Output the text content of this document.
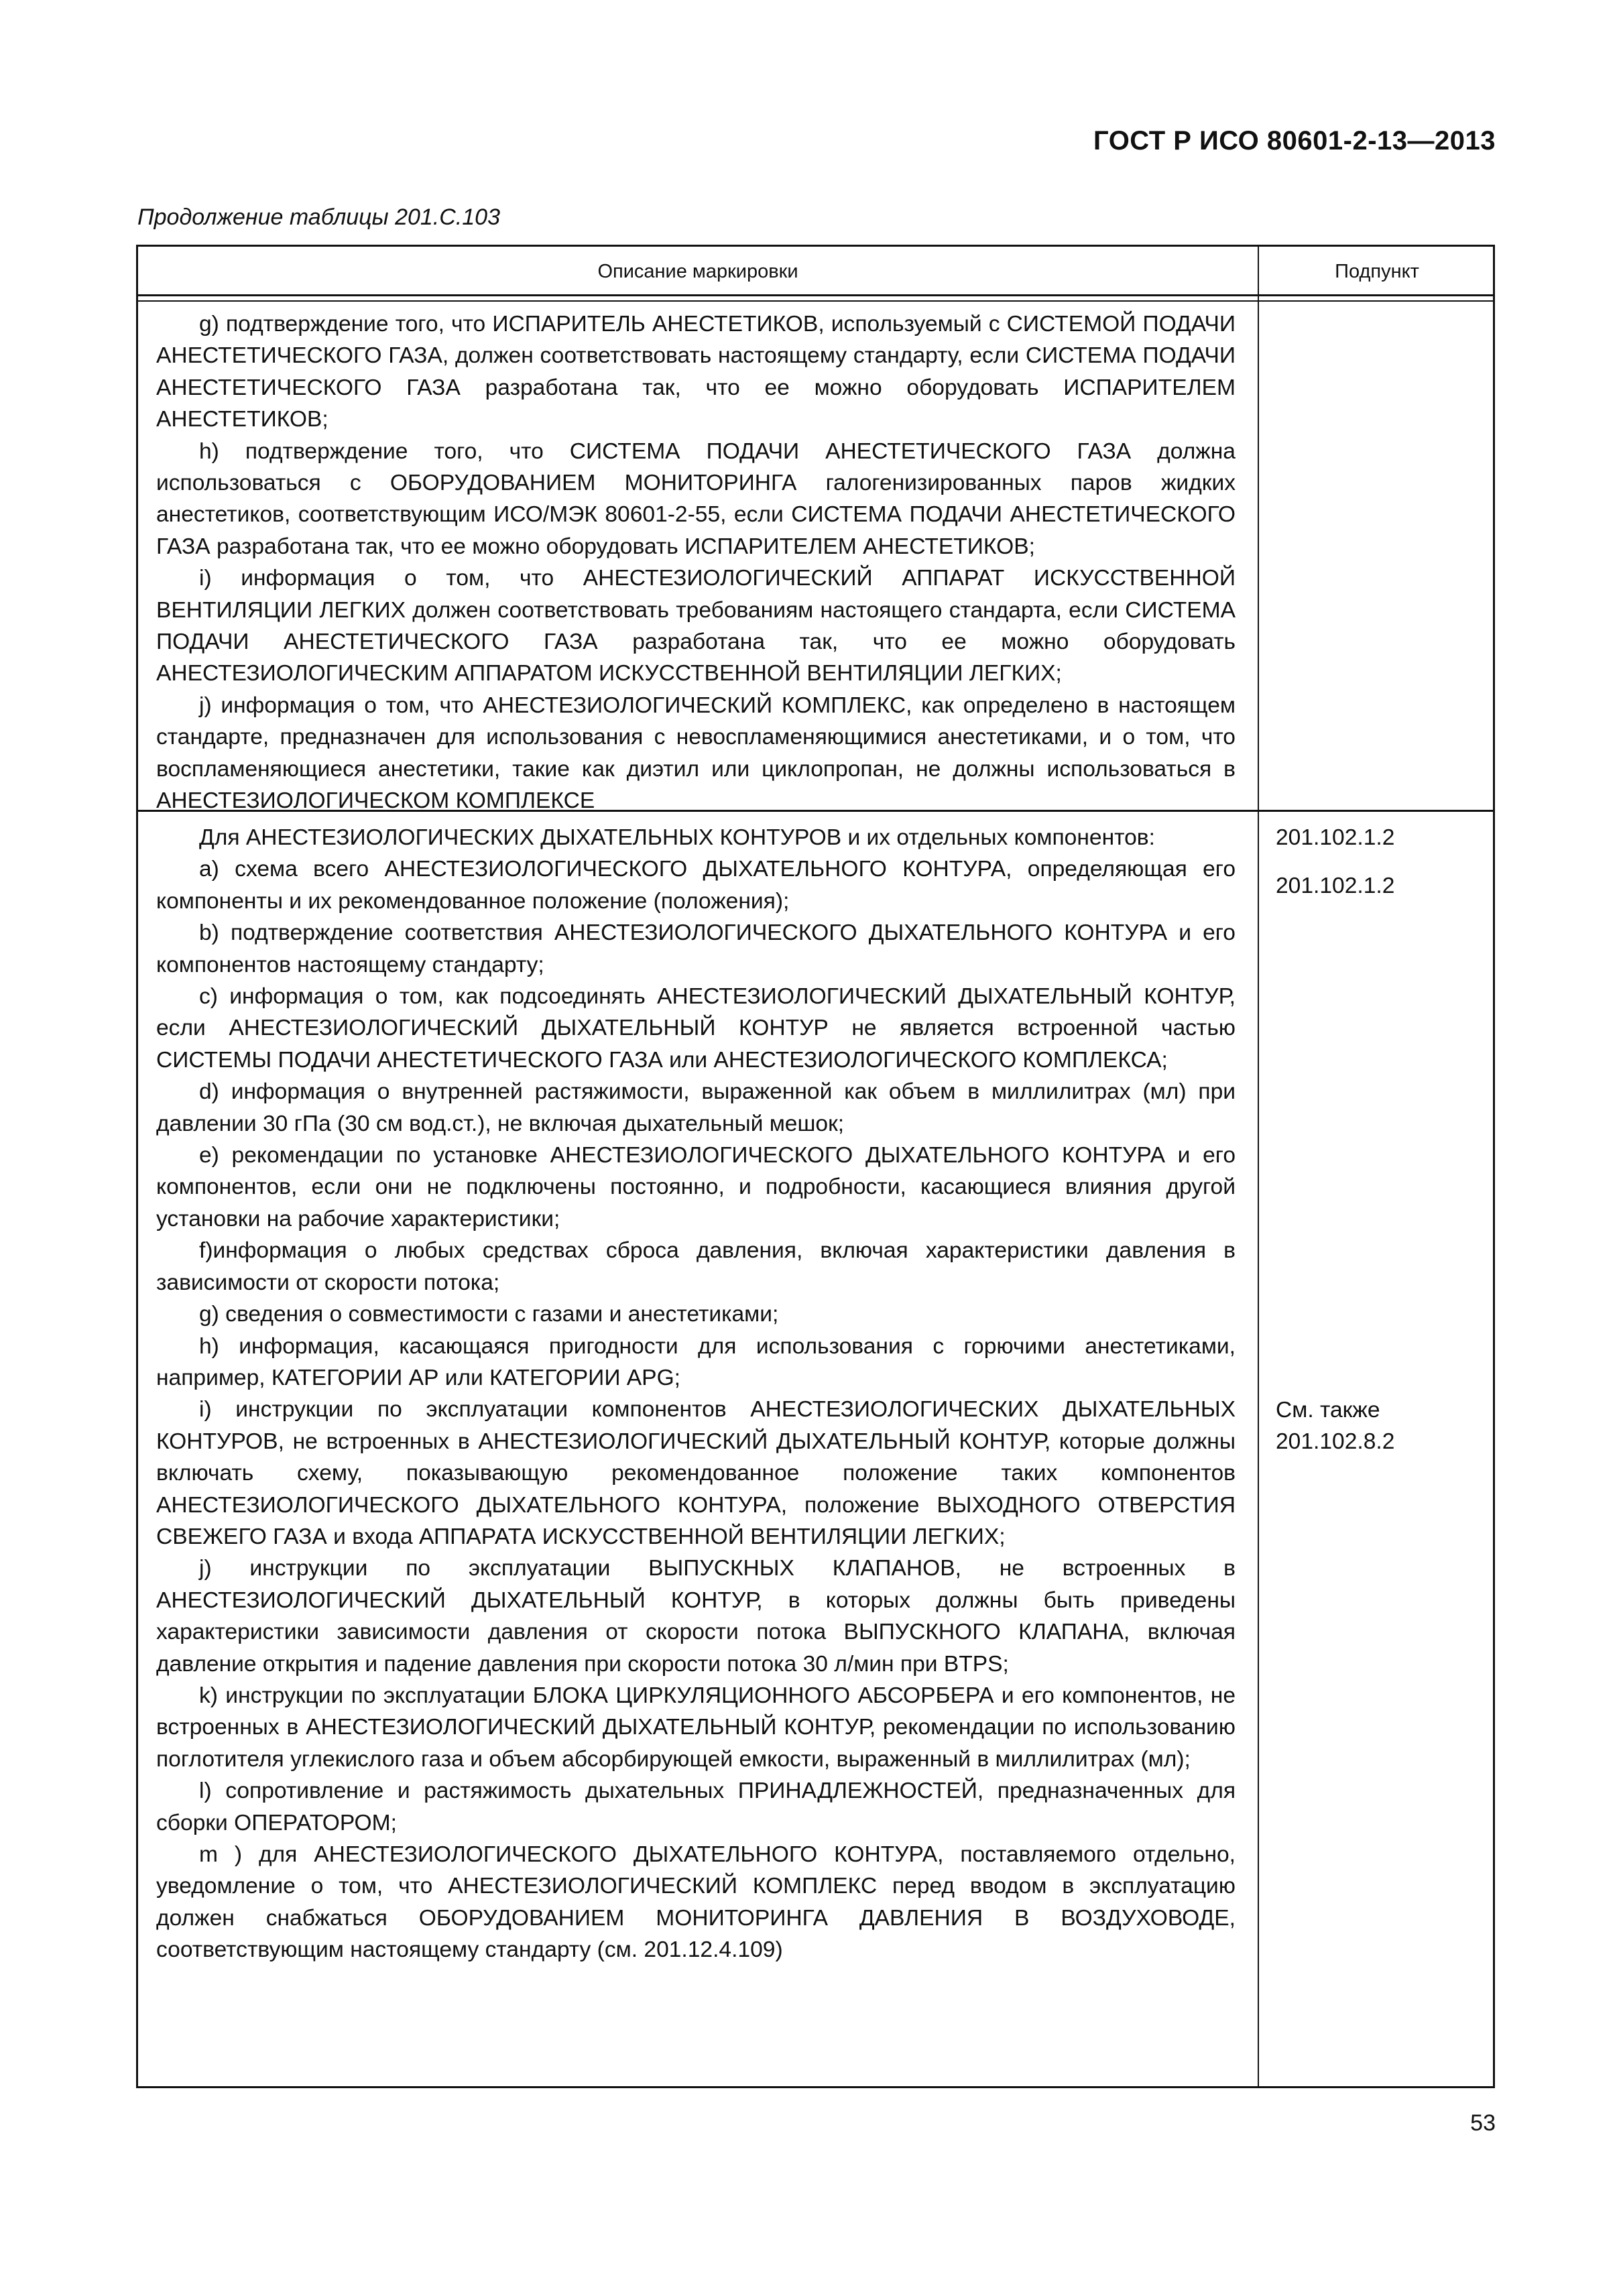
ГОСТ Р ИСО 80601-2-13—2013
Продолжение таблицы 201.С.103
Описание маркировки	Подпункт

g) подтверждение того, что ИСПАРИТЕЛЬ АНЕСТЕТИКОВ, используемый с СИСТЕМОЙ ПОДАЧИ АНЕСТЕТИЧЕСКОГО ГАЗА, должен соответствовать настоящему стандарту, если СИСТЕМА ПОДАЧИ АНЕСТЕТИЧЕСКОГО ГАЗА разработана так, что ее можно оборудовать ИСПАРИТЕЛЕМ АНЕСТЕТИКОВ;

h) подтверждение того, что СИСТЕМА ПОДАЧИ АНЕСТЕТИЧЕСКОГО ГАЗА должна использоваться с ОБОРУДОВАНИЕМ МОНИТОРИНГА галогенизированных паров жидких анестетиков, соответствующим ИСО/МЭК 80601-2-55, если СИСТЕМА ПОДАЧИ АНЕСТЕТИЧЕСКОГО ГАЗА разработана так, что ее можно оборудовать ИСПАРИТЕЛЕМ АНЕСТЕТИКОВ;

i) информация о том, что АНЕСТЕЗИОЛОГИЧЕСКИЙ АППАРАТ ИСКУССТВЕННОЙ ВЕНТИЛЯЦИИ ЛЕГКИХ должен соответствовать требованиям настоящего стандарта, если СИСТЕМА ПОДАЧИ АНЕСТЕТИЧЕСКОГО ГАЗА разработана так, что ее можно оборудовать АНЕСТЕЗИОЛОГИЧЕСКИМ АППАРАТОМ ИСКУССТВЕННОЙ ВЕНТИЛЯЦИИ ЛЕГКИХ;

j) информация о том, что АНЕСТЕЗИОЛОГИЧЕСКИЙ КОМПЛЕКС, как определено в настоящем стандарте, предназначен для использования с невоспламеняющимися анестетиками, и о том, что воспламеняющиеся анестетики, такие как диэтил или циклопропан, не должны использоваться в АНЕСТЕЗИОЛОГИЧЕСКОМ КОМПЛЕКСЕ

Для АНЕСТЕЗИОЛОГИЧЕСКИХ ДЫХАТЕЛЬНЫХ КОНТУРОВ и их отдельных компонентов:

a) схема всего АНЕСТЕЗИОЛОГИЧЕСКОГО ДЫХАТЕЛЬНОГО КОНТУРА, определяющая его компоненты и их рекомендованное положение (положения);

b) подтверждение соответствия АНЕСТЕЗИОЛОГИЧЕСКОГО ДЫХАТЕЛЬНОГО КОНТУРА и его компонентов настоящему стандарту;

c) информация о том, как подсоединять АНЕСТЕЗИОЛОГИЧЕСКИЙ ДЫХАТЕЛЬНЫЙ КОНТУР, если АНЕСТЕЗИОЛОГИЧЕСКИЙ ДЫХАТЕЛЬНЫЙ КОНТУР не является встроенной частью СИСТЕМЫ ПОДАЧИ АНЕСТЕТИЧЕСКОГО ГАЗА или АНЕСТЕЗИОЛОГИЧЕСКОГО КОМПЛЕКСА;

d) информация о внутренней растяжимости, выраженной как объем в миллилитрах (мл) при давлении 30 гПа (30 см вод.ст.), не включая дыхательный мешок;

e) рекомендации по установке АНЕСТЕЗИОЛОГИЧЕСКОГО ДЫХАТЕЛЬНОГО КОНТУРА и его компонентов, если они не подключены постоянно, и подробности, касающиеся влияния другой установки на рабочие характеристики;

f)информация о любых средствах сброса давления, включая характеристики давления в зависимости от скорости потока;

g) сведения о совместимости с газами и анестетиками;

h) информация, касающаяся пригодности для использования с горючими анестетиками, например, КАТЕГОРИИ АР или КАТЕГОРИИ APG;

i) инструкции по эксплуатации компонентов АНЕСТЕЗИОЛОГИЧЕСКИХ ДЫХАТЕЛЬНЫХ КОНТУРОВ, не встроенных в АНЕСТЕЗИОЛОГИЧЕСКИЙ ДЫХАТЕЛЬНЫЙ КОНТУР, которые должны включать схему, показывающую рекомендованное положение таких компонентов АНЕСТЕЗИОЛОГИЧЕСКОГО ДЫХАТЕЛЬНОГО КОНТУРА, положение ВЫХОДНОГО ОТВЕРСТИЯ СВЕЖЕГО ГАЗА и входа АППАРАТА ИСКУССТВЕННОЙ ВЕНТИЛЯЦИИ ЛЕГКИХ;

j) инструкции по эксплуатации ВЫПУСКНЫХ КЛАПАНОВ, не встроенных в АНЕСТЕЗИОЛОГИЧЕСКИЙ ДЫХАТЕЛЬНЫЙ КОНТУР, в которых должны быть приведены характеристики зависимости давления от скорости потока ВЫПУСКНОГО КЛАПАНА, включая давление открытия и падение давления при скорости потока 30 л/мин при BTPS;

k) инструкции по эксплуатации БЛОКА ЦИРКУЛЯЦИОННОГО АБСОРБЕРА и его компонентов, не встроенных в АНЕСТЕЗИОЛОГИЧЕСКИЙ ДЫХАТЕЛЬНЫЙ КОНТУР, рекомендации по использованию поглотителя углекислого газа и объем абсорбирующей емкости, выраженный в миллилитрах (мл);

l) сопротивление и растяжимость дыхательных ПРИНАДЛЕЖНОСТЕЙ, предназначенных для сборки ОПЕРАТОРОМ;

m ) для АНЕСТЕЗИОЛОГИЧЕСКОГО ДЫХАТЕЛЬНОГО КОНТУРА, поставляемого отдельно, уведомление о том, что АНЕСТЕЗИОЛОГИЧЕСКИЙ КОМПЛЕКС перед вводом в эксплуатацию должен снабжаться ОБОРУДОВАНИЕМ МОНИТОРИНГА ДАВЛЕНИЯ В ВОЗДУХОВОДЕ, соответствующим настоящему стандарту (см. 201.12.4.109)

201.102.1.2
201.102.1.2
См. также
201.102.8.2
53
